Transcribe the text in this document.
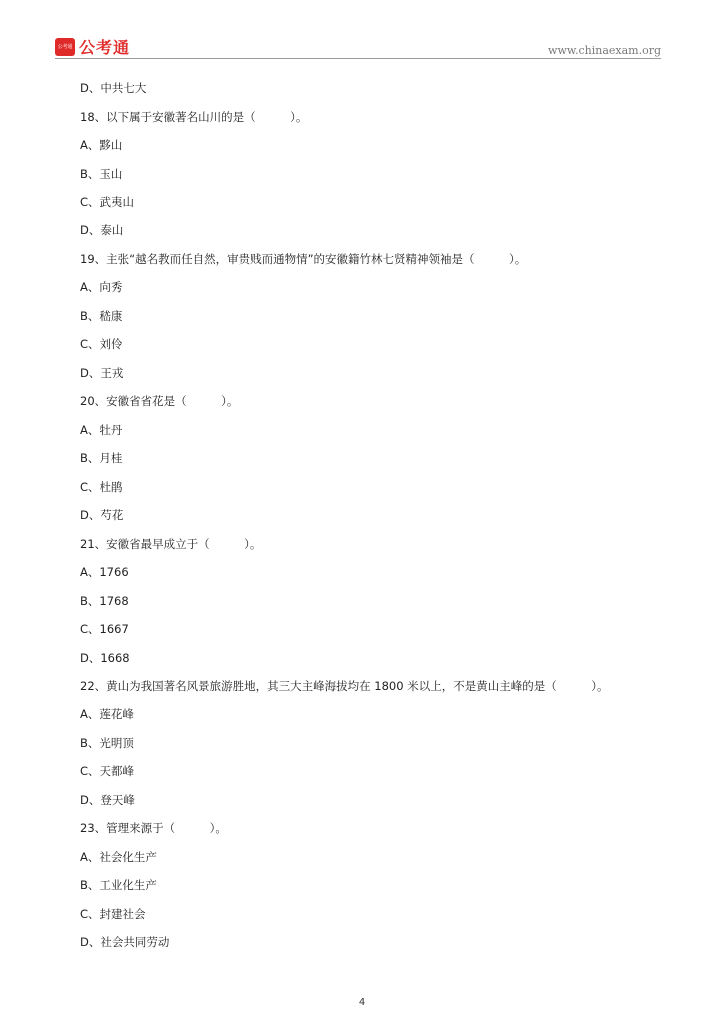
公考通 公考通	www.chinaexam.org
D、中共七大
18、以下属于安徽著名山川的是（　　　）。
A、黟山
B、玉山
C、武夷山
D、泰山
19、主张“越名教而任自然，审贵贱而通物情”的安徽籍竹林七贤精神领袖是（　　　）。
A、向秀
B、嵇康
C、刘伶
D、王戎
20、安徽省省花是（　　　）。
A、牡丹
B、月桂
C、杜鹃
D、芍花
21、安徽省最早成立于（　　　）。
A、1766
B、1768
C、1667
D、1668
22、黄山为我国著名风景旅游胜地，其三大主峰海拔均在 1800 米以上，不是黄山主峰的是（　　　）。
A、莲花峰
B、光明顶
C、天都峰
D、登天峰
23、管理来源于（　　　）。
A、社会化生产
B、工业化生产
C、封建社会
D、社会共同劳动
4
